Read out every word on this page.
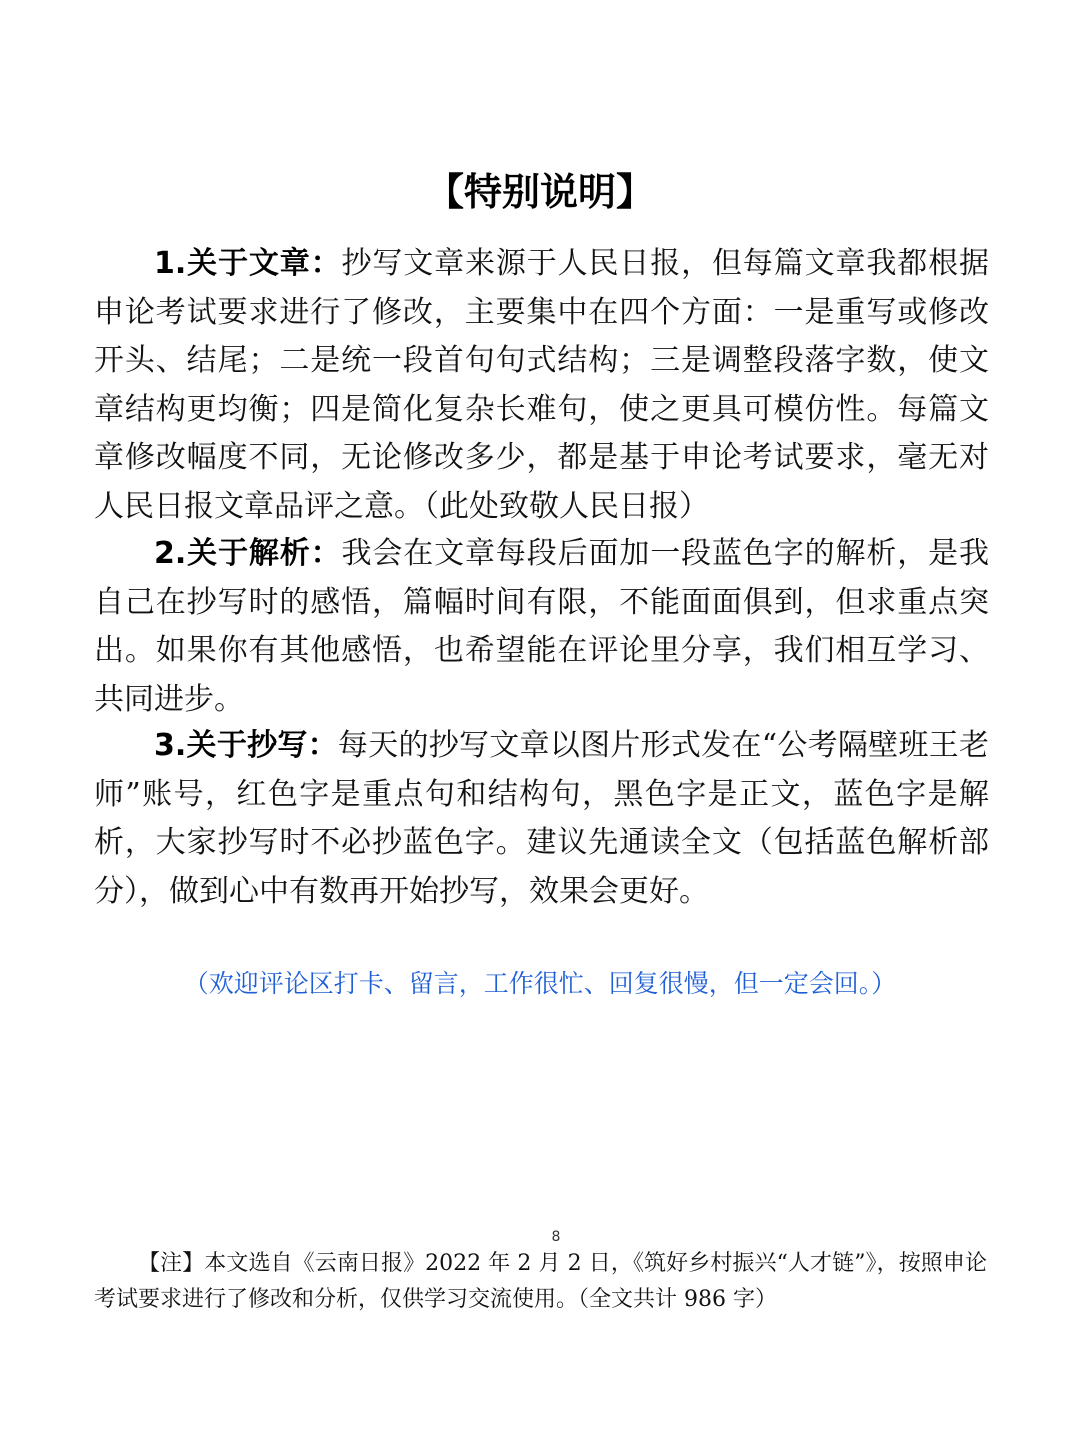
【特别说明】

1.关于文章：抄写文章来源于人民日报，但每篇文章我都根据申论考试要求进行了修改，主要集中在四个方面：一是重写或修改开头、结尾；二是统一段首句句式结构；三是调整段落字数，使文章结构更均衡；四是简化复杂长难句，使之更具可模仿性。每篇文章修改幅度不同，无论修改多少，都是基于申论考试要求，毫无对人民日报文章品评之意。（此处致敬人民日报）

2.关于解析：我会在文章每段后面加一段蓝色字的解析，是我自己在抄写时的感悟，篇幅时间有限，不能面面俱到，但求重点突出。如果你有其他感悟，也希望能在评论里分享，我们相互学习、共同进步。

3.关于抄写：每天的抄写文章以图片形式发在“公考隔壁班王老师”账号，红色字是重点句和结构句，黑色字是正文，蓝色字是解析，大家抄写时不必抄蓝色字。建议先通读全文（包括蓝色解析部分），做到心中有数再开始抄写，效果会更好。

（欢迎评论区打卡、留言，工作很忙、回复很慢，但一定会回。）
8

【注】本文选自《云南日报》2022 年 2 月 2 日，《筑好乡村振兴“人才链”》，按照申论考试要求进行了修改和分析，仅供学习交流使用。（全文共计 986 字）
